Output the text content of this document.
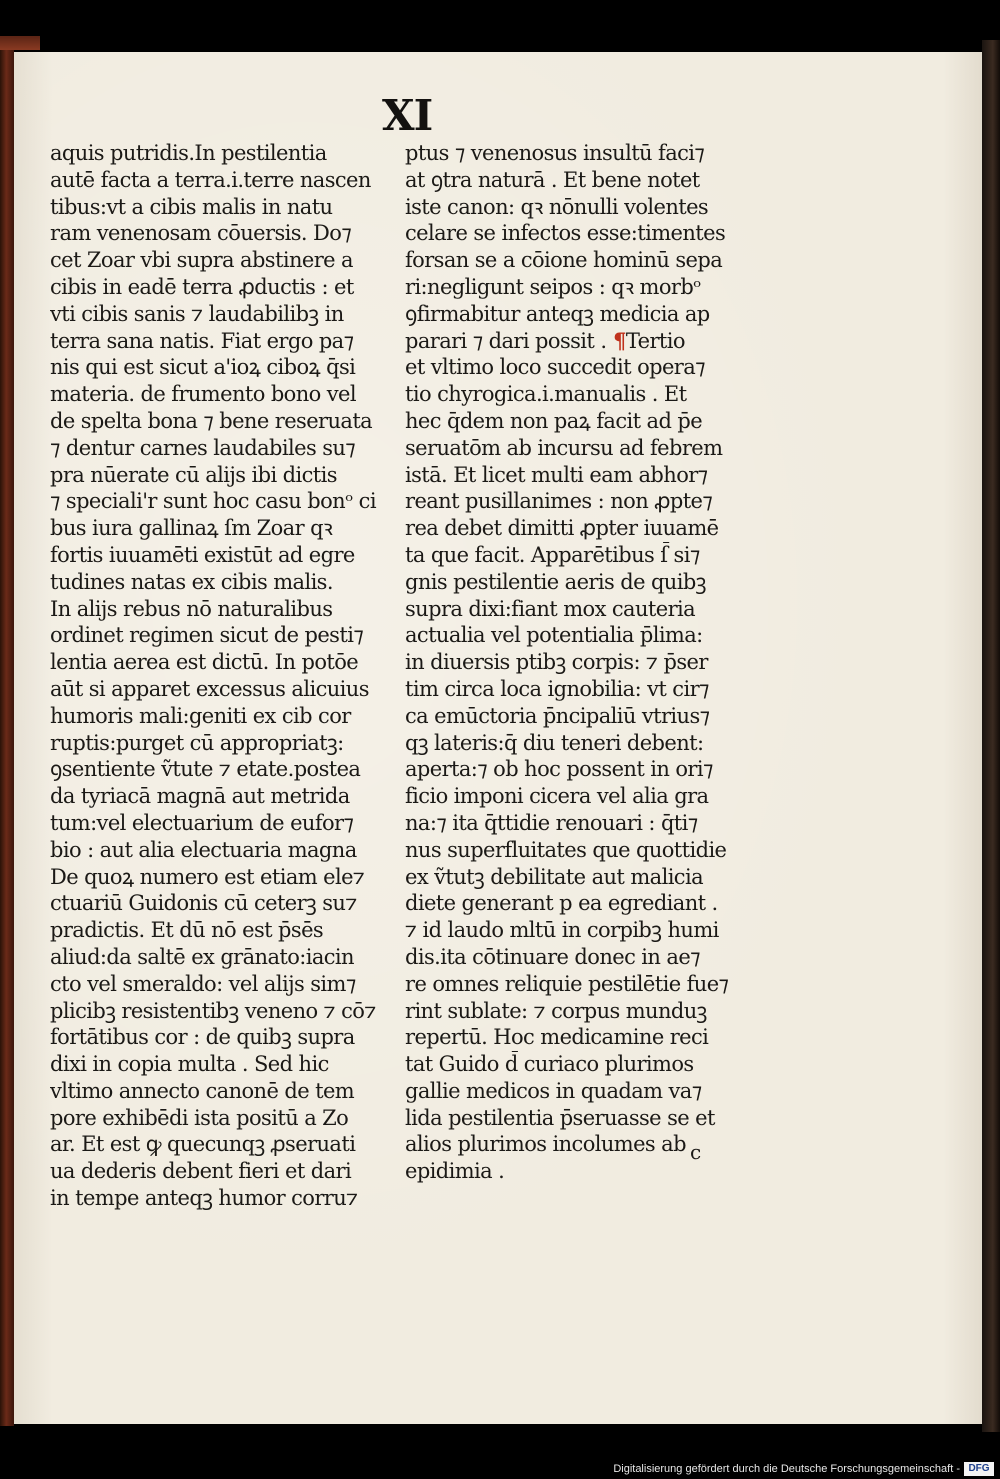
XI
aquis putridis.In pestilentia
autē facta a terra.i.terre nascen
tibus:vt a cibis malis in natu
ram venenosam cōuersis. Do⁊
cet Zoar vbi supra abstinere a
cibis in eadē terra ꝓductis : et
vti cibis sanis ⁊ laudabilibꝫ in
terra sana natis. Fiat ergo pa⁊
nis qui est sicut a'ioꝝ ciboꝝ q̄si
materia. de frumento bono vel
de spelta bona ⁊ bene reseruata
⁊ dentur carnes laudabiles su⁊
pra nūerate cū alijs ibi dictis
⁊ speciali'r sunt hoc casu bonᵒ ci
bus iura gallinaꝝ ſm Zoar qꝛ
fortis iuuamēti existūt ad egre
tudines natas ex cibis malis.
In alijs rebus nō naturalibus
ordinet regimen sicut de pesti⁊
lentia aerea est dictū. In potōe
aūt si apparet excessus alicuius
humoris mali:geniti ex cib cor
ruptis:purget cū appropriatꝫ:
ꝯsentiente ṽtute ⁊ etate.postea
da tyriacā magnā aut metrida
tum:vel electuarium de eufor⁊
bio : aut alia electuaria magna
De quoꝝ numero est etiam ele⁊
ctuariū Guidonis cū ceterꝫ su⁊
pradictis. Et dū nō est p̄sēs
aliud:da saltē ex grānato:iacin
cto vel smeraldo: vel alijs sim⁊
plicibꝫ resistentibꝫ veneno ⁊ cō⁊
fortātibus cor : de quibꝫ supra
dixi in copia multa . Sed hic
vltimo annecto canonē de tem
pore exhibēdi ista positū a Zo
ar. Et est ꝙ quecunqꝫ ꝓseruati
ua dederis debent fieri et dari
in tempe anteqꝫ humor corru⁊
ptus ⁊ venenosus insultū faci⁊
at ꝯtra naturā . Et bene notet
iste canon: qꝛ nōnulli volentes
celare se infectos esse:timentes
forsan se a cōione hominū sepa
ri:negligunt seipos : qꝛ morbᵒ
ꝯfirmabitur anteqꝫ medicia ap
parari ⁊ dari possit . ¶Tertio
et vltimo loco succedit opera⁊
tio chyrogica.i.manualis . Et
hec q̄dem non paꝝ facit ad p̄e
seruatōm ab incursu ad febrem
istā. Et licet multi eam abhor⁊
reant pusillanimes : non ꝓpte⁊
rea debet dimitti ꝓpter iuuamē
ta que facit. Apparētibus ſ̄ si⁊
gnis pestilentie aeris de quibꝫ
supra dixi:fiant mox cauteria
actualia vel potentialia p̄lima:
in diuersis ptibꝫ corpis: ⁊ p̄ser
tim circa loca ignobilia: vt cir⁊
ca emūctoria p̄ncipaliū vtrius⁊
qꝫ lateris:q̄ diu teneri debent:
aperta:⁊ ob hoc possent in ori⁊
ficio imponi cicera vel alia gra
na:⁊ ita q̄ttidie renouari : q̄ti⁊
nus superfluitates que quottidie
ex ṽtutꝫ debilitate aut malicia
diete generant p ea egrediant .
⁊ id laudo mltū in corpibꝫ humi
dis.ita cōtinuare donec in ae⁊
re omnes reliquie pestilētie fue⁊
rint sublate: ⁊ corpus munduꝫ
repertū. Hoc medicamine reci
tat Guido d̄ curiaco plurimos
gallie medicos in quadam va⁊
lida pestilentia p̄seruasse se et
alios plurimos incolumes ab
epidimia .
c
Digitalisierung gefördert durch die Deutsche Forschungsgemeinschaft - DFG
